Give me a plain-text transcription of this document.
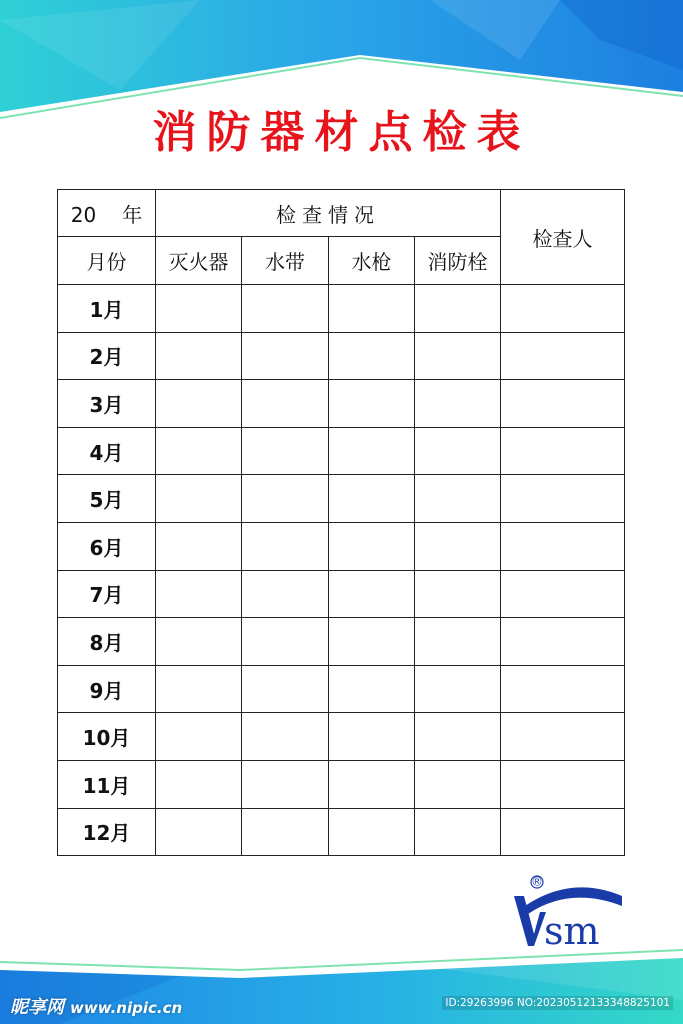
消防器材点检表
20 年	检查情况				检查人
月份	灭火器	水带	水枪	消防栓	
1月					
2月					
3月					
4月					
5月					
6月					
7月					
8月					
9月					
10月					
11月					
12月					
sm
®
昵享网 www.nipic.cn	ID:29263996 NO:20230512133348825101
